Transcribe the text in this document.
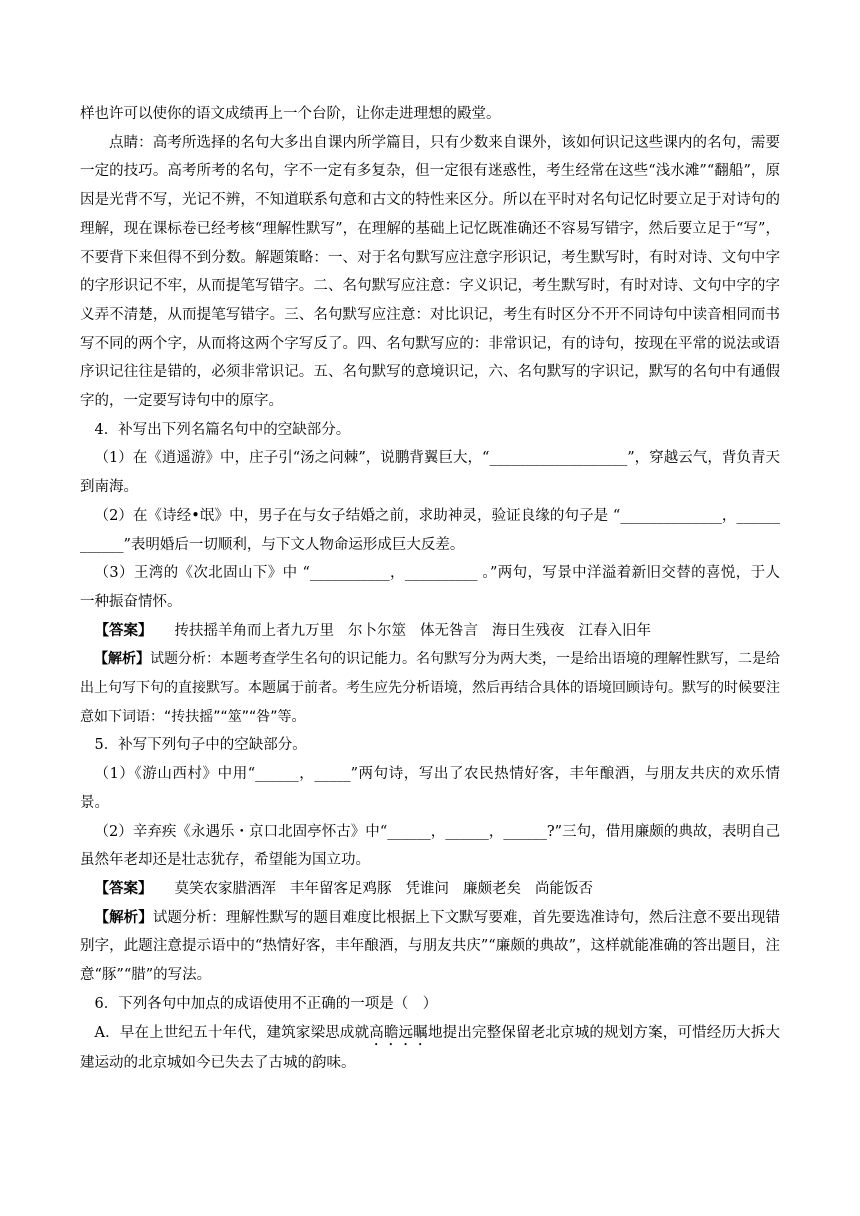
样也许可以使你的语文成绩再上一个台阶，让你走进理想的殿堂。

点睛：高考所选择的名句大多出自课内所学篇目，只有少数来自课外，该如何识记这些课内的名句，需要一定的技巧。高考所考的名句，字不一定有多复杂，但一定很有迷惑性，考生经常在这些“浅水滩”“翻船”，原因是光背不写，光记不辨，不知道联系句意和古文的特性来区分。所以在平时对名句记忆时要立足于对诗句的理解，现在课标卷已经考核“理解性默写”，在理解的基础上记忆既准确还不容易写错字，然后要立足于“写”，不要背下来但得不到分数。解题策略：一、对于名句默写应注意字形识记，考生默写时，有时对诗、文句中字的字形识记不牢，从而提笔写错字。二、名句默写应注意：字义识记，考生默写时，有时对诗、文句中字的字义弄不清楚，从而提笔写错字。三、名句默写应注意：对比识记，考生有时区分不开不同诗句中读音相同而书写不同的两个字，从而将这两个字写反了。四、名句默写应的：非常识记，有的诗句，按现在平常的说法或语序识记往往是错的，必须非常识记。五、名句默写的意境识记，六、名句默写的字识记，默写的名句中有通假字的，一定要写诗句中的原字。

4．补写出下列名篇名句中的空缺部分。

（1）在《逍遥游》中，庄子引“汤之问棘”，说鹏背翼巨大，“___________________”，穿越云气，背负青天到南海。

（2）在《诗经•氓》中，男子在与女子结婚之前，求助神灵，验证良缘的句子是 “______________，____________”表明婚后一切顺利，与下文人物命运形成巨大反差。

（3）王湾的《次北固山下》中 “___________，__________ 。”两句，写景中洋溢着新旧交替的喜悦，于人一种振奋情怀。

【答案】 抟扶摇羊角而上者九万里 尔卜尔筮 体无咎言 海日生残夜 江春入旧年

【解析】试题分析：本题考查学生名句的识记能力。名句默写分为两大类，一是给出语境的理解性默写，二是给出上句写下句的直接默写。本题属于前者。考生应先分析语境，然后再结合具体的语境回顾诗句。默写的时候要注意如下词语：“抟扶摇”“筮”“咎”等。

5．补写下列句子中的空缺部分。

（1）《游山西村》中用“______，_____”两句诗，写出了农民热情好客，丰年酿酒，与朋友共庆的欢乐情景。

（2）辛弃疾《永遇乐・京口北固亭怀古》中“______，______，______?”三句，借用廉颇的典故，表明自己虽然年老却还是壮志犹存，希望能为国立功。

【答案】 莫笑农家腊酒浑 丰年留客足鸡豚 凭谁问 廉颇老矣 尚能饭否

【解析】试题分析：理解性默写的题目难度比根据上下文默写要难，首先要选准诗句，然后注意不要出现错别字，此题注意提示语中的“热情好客，丰年酿酒，与朋友共庆”“廉颇的典故”，这样就能准确的答出题目，注意“豚”“腊”的写法。

6．下列各句中加点的成语使用不正确的一项是（　）

A．早在上世纪五十年代，建筑家梁思成就高瞻远瞩地提出完整保留老北京城的规划方案，可惜经历大拆大建运动的北京城如今已失去了古城的韵味。
